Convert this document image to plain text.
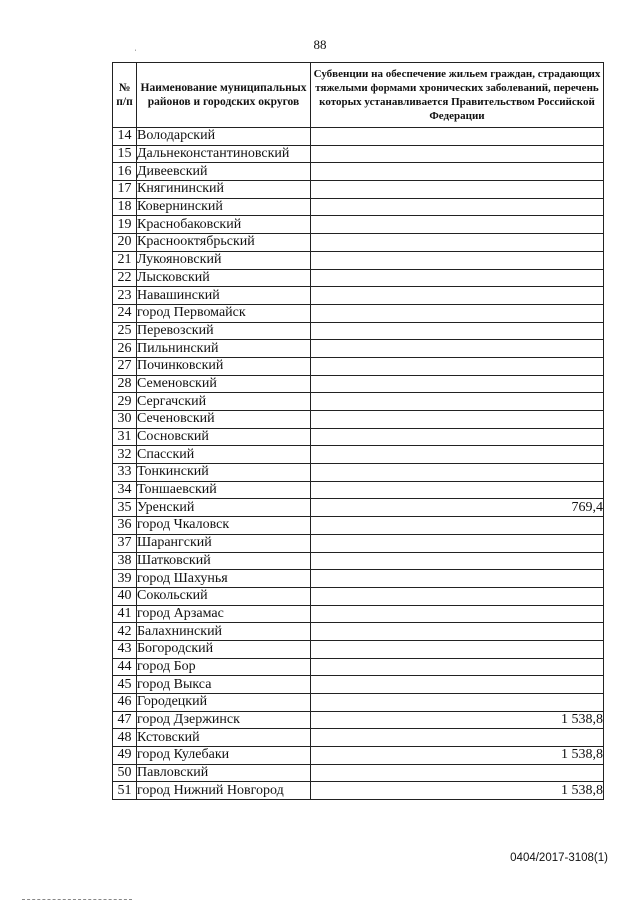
88
ˈ
№ п/п	Наименование муниципальных районов и городских округов	Субвенции на обеспечение жильем граждан, страдающих тяжелыми формами хронических заболеваний, перечень которых устанавливается Правительством Российской Федерации
14	Володарский	
15	Дальнеконстантиновский	
16	Дивеевский	
17	Княгининский	
18	Ковернинский	
19	Краснобаковский	
20	Краснооктябрьский	
21	Лукояновский	
22	Лысковский	
23	Навашинский	
24	город Первомайск	
25	Перевозский	
26	Пильнинский	
27	Починковский	
28	Семеновский	
29	Сергачский	
30	Сеченовский	
31	Сосновский	
32	Спасский	
33	Тонкинский	
34	Тоншаевский	
35	Уренский	769,4
36	город Чкаловск	
37	Шарангский	
38	Шатковский	
39	город Шахунья	
40	Сокольский	
41	город Арзамас	
42	Балахнинский	
43	Богородский	
44	город Бор	
45	город Выкса	
46	Городецкий	
47	город Дзержинск	1 538,8
48	Кстовский	
49	город Кулебаки	1 538,8
50	Павловский	
51	город Нижний Новгород	1 538,8
0404/2017-3108(1)
